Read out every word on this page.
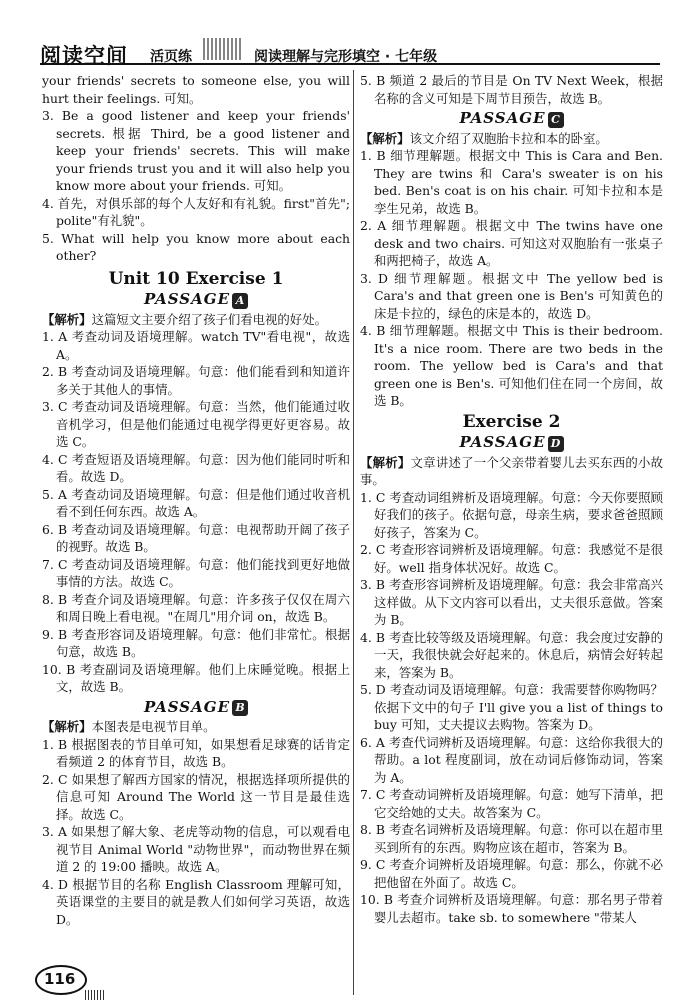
阅读空间 活页练	阅读理解与完形填空 · 七年级

your friends' secrets to someone else, you will hurt their feelings. 可知。

3. Be a good listener and keep your friends' secrets. 根据 Third, be a good listener and keep your friends' secrets. This will make your friends trust you and it will also help you know more about your friends. 可知。

4. 首先，对俱乐部的每个人友好和有礼貌。first"首先"; polite"有礼貌"。

5. What will help you know more about each other?

Unit 10 Exercise 1
PASSAGE A

【解析】这篇短文主要介绍了孩子们看电视的好处。

1. A 考查动词及语境理解。watch TV"看电视"，故选 A。

2. B 考查动词及语境理解。句意：他们能看到和知道许多关于其他人的事情。

3. C 考查动词及语境理解。句意：当然，他们能通过收音机学习，但是他们能通过电视学得更好更容易。故选 C。

4. C 考查短语及语境理解。句意：因为他们能同时听和看。故选 D。

5. A 考查动词及语境理解。句意：但是他们通过收音机看不到任何东西。故选 A。

6. B 考查动词及语境理解。句意：电视帮助开阔了孩子的视野。故选 B。

7. C 考查动词及语境理解。句意：他们能找到更好地做事情的方法。故选 C。

8. B 考查介词及语境理解。句意：许多孩子仅仅在周六和周日晚上看电视。"在周几"用介词 on，故选 B。

9. B 考查形容词及语境理解。句意：他们非常忙。根据句意，故选 B。

10. B 考查副词及语境理解。他们上床睡觉晚。根据上文，故选 B。

PASSAGE B

【解析】本图表是电视节目单。

1. B 根据图表的节目单可知，如果想看足球赛的话肯定看频道 2 的体育节目，故选 B。

2. C 如果想了解西方国家的情况，根据选择项所提供的信息可知 Around The World 这一节目是最佳选择。故选 C。

3. A 如果想了解大象、老虎等动物的信息，可以观看电视节目 Animal World "动物世界"，而动物世界在频道 2 的 19:00 播映。故选 A。

4. D 根据节目的名称 English Classroom 理解可知，英语课堂的主要目的就是教人们如何学习英语，故选 D。

5. B 频道 2 最后的节目是 On TV Next Week，根据名称的含义可知是下周节目预告，故选 B。

PASSAGE C

【解析】该文介绍了双胞胎卡拉和本的卧室。

1. B 细节理解题。根据文中 This is Cara and Ben. They are twins 和 Cara's sweater is on his bed. Ben's coat is on his chair. 可知卡拉和本是孪生兄弟，故选 B。

2. A 细节理解题。根据文中 The twins have one desk and two chairs. 可知这对双胞胎有一张桌子和两把椅子，故选 A。

3. D 细节理解题。根据文中 The yellow bed is Cara's and that green one is Ben's 可知黄色的床是卡拉的，绿色的床是本的，故选 D。

4. B 细节理解题。根据文中 This is their bedroom. It's a nice room. There are two beds in the room. The yellow bed is Cara's and that green one is Ben's. 可知他们住在同一个房间，故选 B。

Exercise 2
PASSAGE D

【解析】文章讲述了一个父亲带着婴儿去买东西的小故事。

1. C 考查动词组辨析及语境理解。句意：今天你要照顾好我们的孩子。依据句意，母亲生病，要求爸爸照顾好孩子，答案为 C。

2. C 考查形容词辨析及语境理解。句意：我感觉不是很好。well 指身体状况好。故选 C。

3. B 考查形容词辨析及语境理解。句意：我会非常高兴这样做。从下文内容可以看出，丈夫很乐意做。答案为 B。

4. B 考查比较等级及语境理解。句意：我会度过安静的一天，我很快就会好起来的。休息后，病情会好转起来，答案为 B。

5. D 考查动词及语境理解。句意：我需要替你购物吗？依据下文中的句子 I'll give you a list of things to buy 可知，丈夫提议去购物。答案为 D。

6. A 考查代词辨析及语境理解。句意：这给你我很大的帮助。a lot 程度副词，放在动词后修饰动词，答案为 A。

7. C 考查动词辨析及语境理解。句意：她写下清单，把它交给她的丈夫。故答案为 C。

8. B 考查名词辨析及语境理解。句意：你可以在超市里买到所有的东西。购物应该在超市，答案为 B。

9. C 考查介词辨析及语境理解。句意：那么，你就不必把他留在外面了。故选 C。

10. B 考查介词辨析及语境理解。句意：那名男子带着婴儿去超市。take sb. to somewhere "带某人

116
